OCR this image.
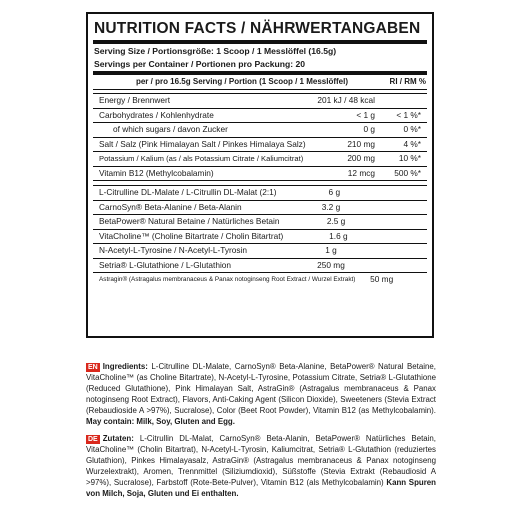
NUTRITION FACTS / NÄHRWERTANGABEN
Serving Size / Portionsgröße: 1 Scoop / 1 Messlöffel (16.5g)
Servings per Container / Portionen pro Packung: 20
per / pro 16.5g Serving / Portion (1 Scoop / 1 Messlöffel)	RI / RM %
Energy / Brennwert	201 kJ / 48 kcal
Carbohydrates / Kohlenhydrate	< 1 g	< 1 %*
of which sugars / davon Zucker	0 g	0 %*
Salt / Salz (Pink Himalayan Salt / Pinkes Himalaya Salz)	210 mg	4 %*
Potassium / Kalium (as / als Potassium Citrate / Kaliumcitrat)	200 mg	10 %*
Vitamin B12 (Methylcobalamin)	12 mcg	500 %*
L-Citrulline DL-Malate / L-Citrullin DL-Malat (2:1)	6 g
CarnoSyn® Beta-Alanine / Beta-Alanin	3.2 g
BetaPower® Natural Betaine / Natürliches Betain	2.5 g
VitaCholine™ (Choline Bitartrate / Cholin Bitartrat)	1.6 g
N-Acetyl-L-Tyrosine / N-Acetyl-L-Tyrosin	1 g
Setria® L-Glutathione / L-Glutathion	250 mg
Astragin® (Astragalus membranaceus & Panax notoginseng Root Extract / Wurzel Extrakt)	50 mg
EN Ingredients: L-Citrulline DL-Malate, CarnoSyn® Beta-Alanine, BetaPower® Natural Betaine, VitaCholine™ (as Choline Bitartrate), N-Acetyl-L-Tyrosine, Potassium Citrate, Setria® L-Glutathione (Reduced Glutathione), Pink Himalayan Salt, AstraGin® (Astragalus membranaceus & Panax notoginseng Root Extract), Flavors, Anti-Caking Agent (Silicon Dioxide), Sweeteners (Stevia Extract (Rebaudioside A >97%), Sucralose), Color (Beet Root Powder), Vitamin B12 (as Methylcobalamin). May contain: Milk, Soy, Gluten and Egg.
DE Zutaten: L-Citrullin DL-Malat, CarnoSyn® Beta-Alanin, BetaPower® Natürliches Betain, VitaCholine™ (Cholin Bitartrat), N-Acetyl-L-Tyrosin, Kaliumcitrat, Setria® L-Glutathion (reduziertes Glutathion), Pinkes Himalayasalz, AstraGin® (Astragalus membranaceus & Panax notoginseng Wurzelextrakt), Aromen, Trennmittel (Siliziumdioxid), Süßstoffe (Stevia Extrakt (Rebaudiosid A >97%), Sucralose), Farbstoff (Rote-Bete-Pulver), Vitamin B12 (als Methylcobalamin) Kann Spuren von Milch, Soja, Gluten und Ei enthalten.
